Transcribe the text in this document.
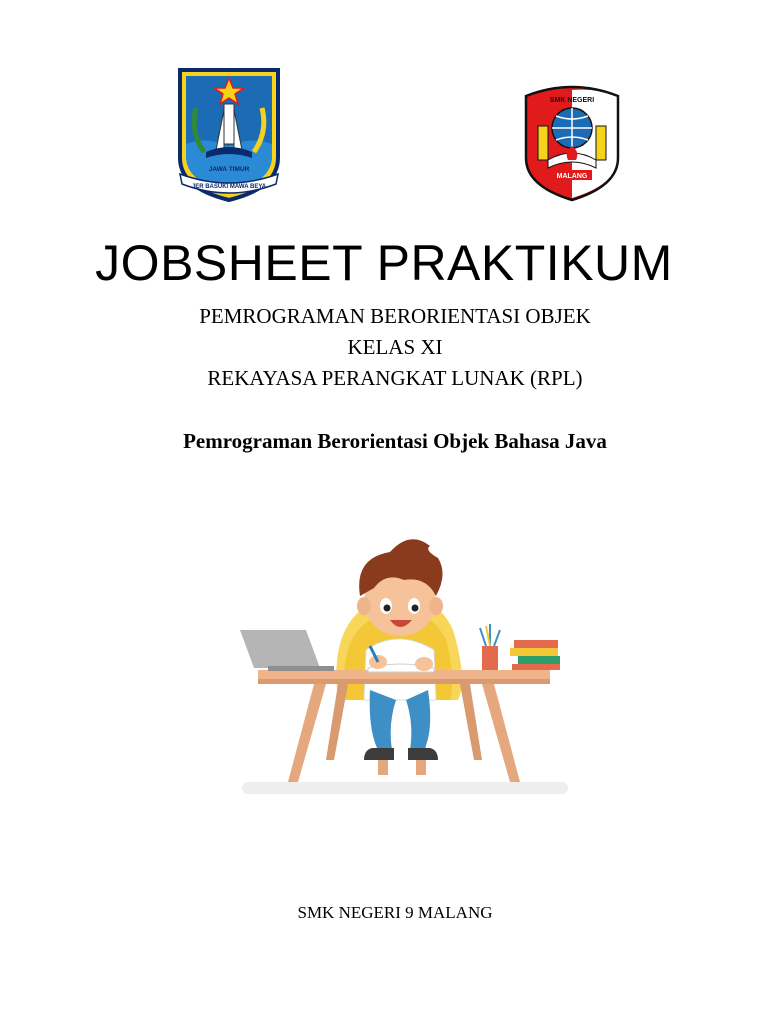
JAWA TIMUR
JER BASUKI MAWA BEYA
SMK NEGERI
MALANG
JOBSHEET PRAKTIKUM

PEMROGRAMAN BERORIENTASI OBJEK

KELAS XI

REKAYASA PERANGKAT LUNAK (RPL)

Pemrograman Berorientasi Objek Bahasa Java

SMK NEGERI 9 MALANG
